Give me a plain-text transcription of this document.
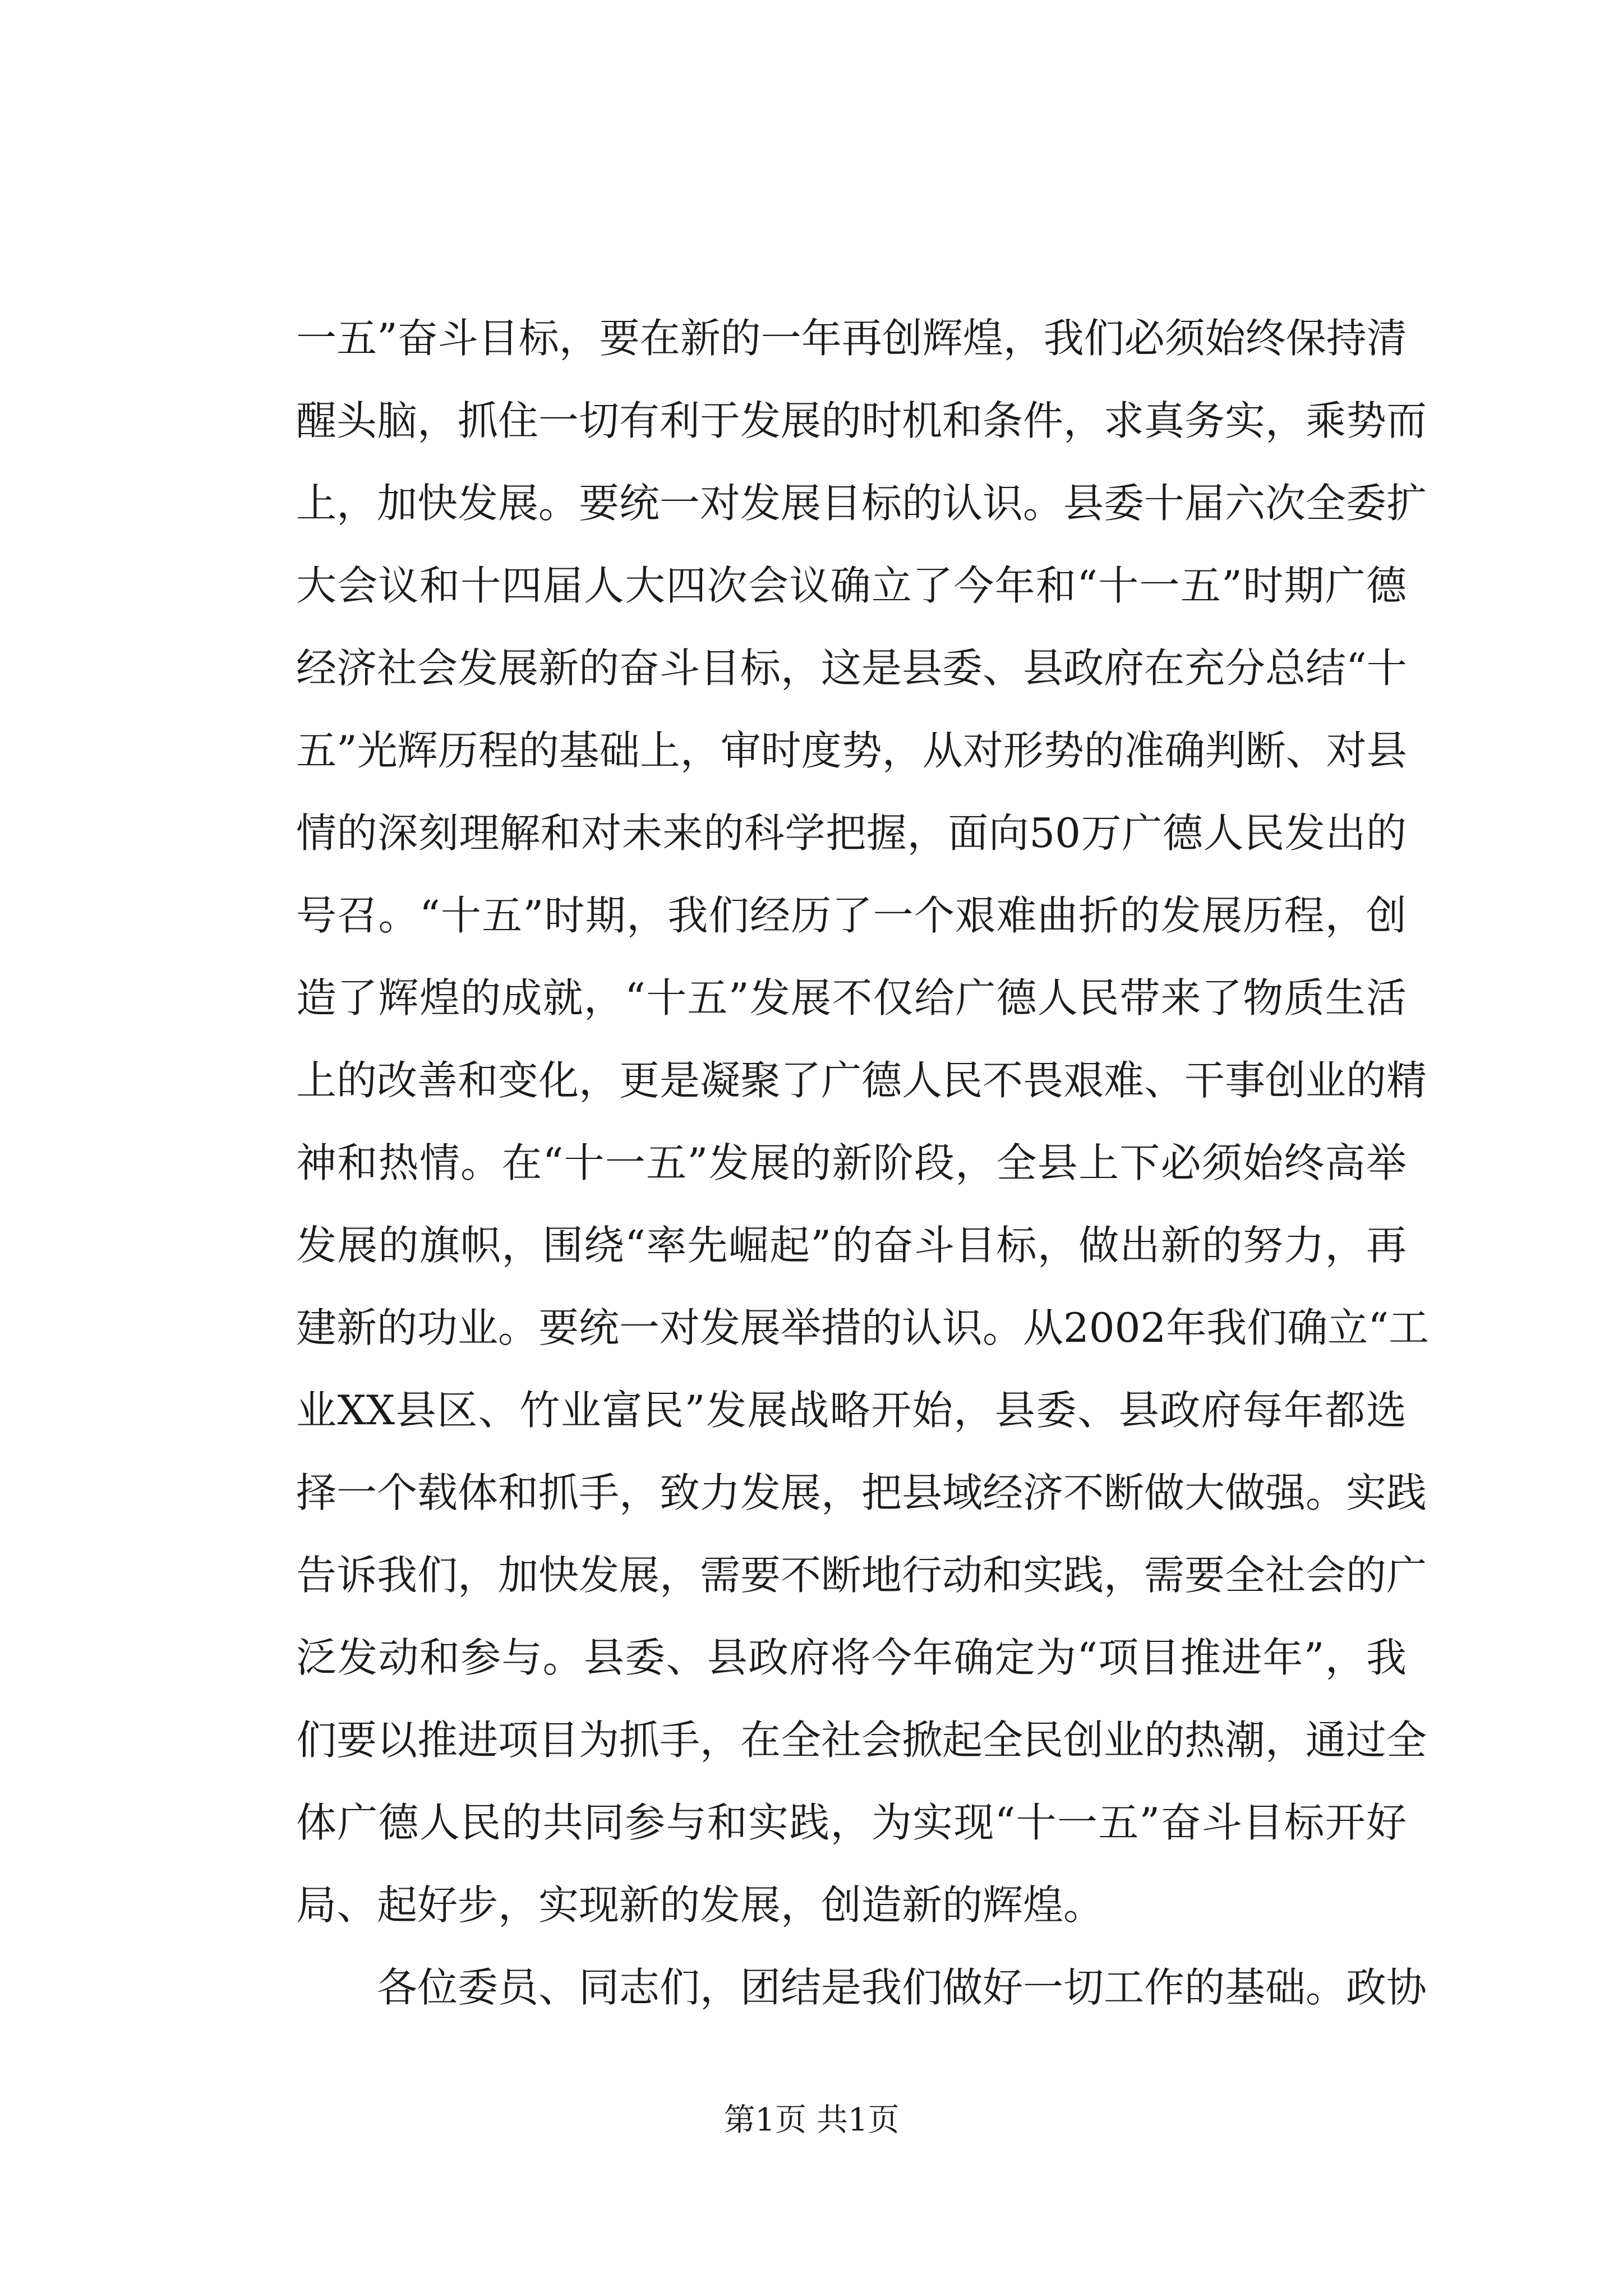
一五”奋斗目标，要在新的一年再创辉煌，我们必须始终保持清
醒头脑，抓住一切有利于发展的时机和条件，求真务实，乘势而
上，加快发展。要统一对发展目标的认识。县委十届六次全委扩
大会议和十四届人大四次会议确立了今年和“十一五”时期广德
经济社会发展新的奋斗目标，这是县委、县政府在充分总结“十
五”光辉历程的基础上，审时度势，从对形势的准确判断、对县
情的深刻理解和对未来的科学把握，面向50万广德人民发出的
号召。“十五”时期，我们经历了一个艰难曲折的发展历程，创
造了辉煌的成就，“十五”发展不仅给广德人民带来了物质生活
上的改善和变化，更是凝聚了广德人民不畏艰难、干事创业的精
神和热情。在“十一五”发展的新阶段，全县上下必须始终高举
发展的旗帜，围绕“率先崛起”的奋斗目标，做出新的努力，再
建新的功业。要统一对发展举措的认识。从2002年我们确立“工
业XX县区、竹业富民”发展战略开始，县委、县政府每年都选
择一个载体和抓手，致力发展，把县域经济不断做大做强。实践
告诉我们，加快发展，需要不断地行动和实践，需要全社会的广
泛发动和参与。县委、县政府将今年确定为“项目推进年”，我
们要以推进项目为抓手，在全社会掀起全民创业的热潮，通过全
体广德人民的共同参与和实践，为实现“十一五”奋斗目标开好
局、起好步，实现新的发展，创造新的辉煌。
各位委员、同志们，团结是我们做好一切工作的基础。政协
第1页 共1页
